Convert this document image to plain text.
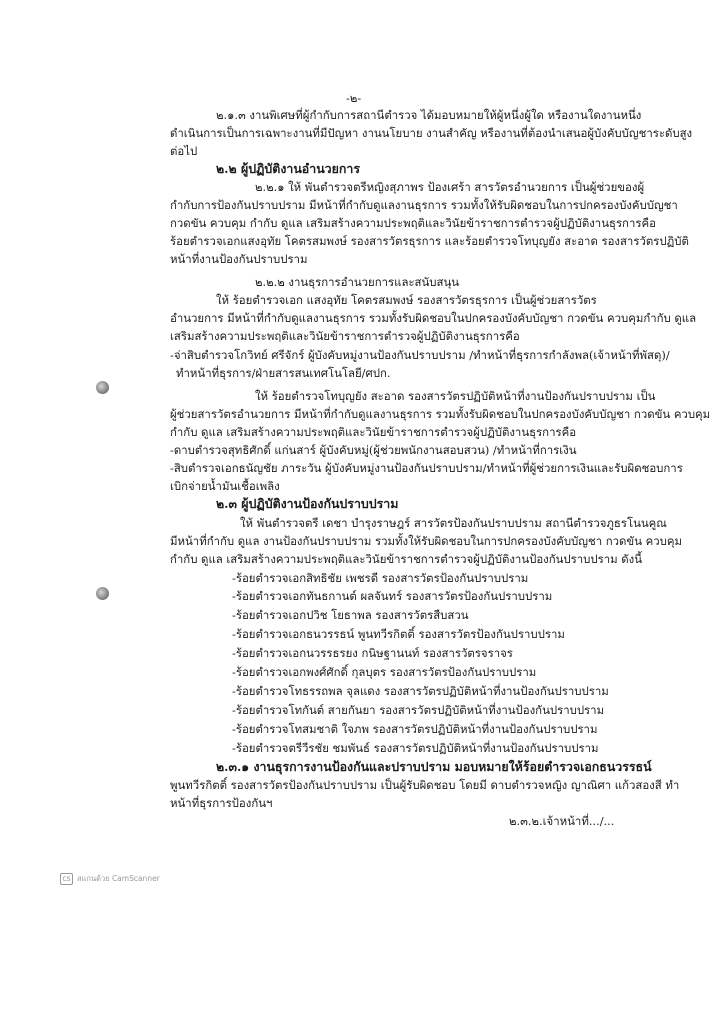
-๒-
๒.๑.๓ งานพิเศษที่ผู้กำกับการสถานีตำรวจ ได้มอบหมายให้ผู้หนึ่งผู้ใด หรืองานใดงานหนึ่ง
ดำเนินการเป็นการเฉพาะงานที่มีปัญหา งานนโยบาย งานสำคัญ หรืองานที่ต้องนำเสนอผู้บังคับบัญชาระดับสูง
ต่อไป
๒.๒ ผู้ปฏิบัติงานอำนวยการ
๒.๒.๑ ให้ พันตำรวจตรีหญิงสุภาพร ป้องเศร้า สารวัตรอำนวยการ เป็นผู้ช่วยของผู้
กำกับการป้องกันปราบปราม มีหน้าที่กำกับดูแลงานธุรการ รวมทั้งให้รับผิดชอบในการปกครองบังคับบัญชา
กวดขัน ควบคุม กำกับ ดูแล เสริมสร้างความประพฤติและวินัยข้าราชการตำรวจผู้ปฏิบัติงานธุรการคือ
ร้อยตำรวจเอกแสงอุทัย โคตรสมพงษ์ รองสารวัตรธุรการ และร้อยตำรวจโทบุญยัง สะอาด รองสารวัตรปฏิบัติ
หน้าที่งานป้องกันปราบปราม
๒.๒.๒ งานธุรการอำนวยการและสนับสนุน
ให้ ร้อยตำรวจเอก แสงอุทัย โคตรสมพงษ์ รองสารวัตรธุรการ เป็นผู้ช่วยสารวัตร
อำนวยการ มีหน้าที่กำกับดูแลงานธุรการ รวมทั้งรับผิดชอบในปกครองบังคับบัญชา กวดขัน ควบคุมกำกับ ดูแล
เสริมสร้างความประพฤติและวินัยข้าราชการตำรวจผู้ปฏิบัติงานธุรการคือ
-จ่าสิบตำรวจโกวิทย์ ศรีจักร์ ผู้บังคับหมู่งานป้องกันปราบปราม /ทำหน้าที่ธุรการกำลังพล(เจ้าหน้าที่พัสดุ)/
ทำหน้าที่ธุรการ/ฝ่ายสารสนเทศโนโลยี/ศปก.
ให้ ร้อยตำรวจโทบุญยัง สะอาด รองสารวัตรปฏิบัติหน้าที่งานป้องกันปราบปราม เป็น
ผู้ช่วยสารวัตรอำนวยการ มีหน้าที่กำกับดูแลงานธุรการ รวมทั้งรับผิดชอบในปกครองบังคับบัญชา กวดขัน ควบคุม
กำกับ ดูแล เสริมสร้างความประพฤติและวินัยข้าราชการตำรวจผู้ปฏิบัติงานธุรการคือ
-ดาบตำรวจสุทธิศักดิ์ แก่นสาร์ ผู้บังคับหมู่(ผู้ช่วยพนักงานสอบสวน) /ทำหน้าที่การเงิน
-สิบตำรวจเอกธนัญชัย ภาระวัน ผู้บังคับหมู่งานป้องกันปราบปราม/ทำหน้าที่ผู้ช่วยการเงินและรับผิดชอบการ
เบิกจ่ายน้ำมันเชื้อเพลิง
๒.๓ ผู้ปฏิบัติงานป้องกันปราบปราม
ให้ พันตำรวจตรี เดชา บำรุงราษฎร์ สารวัตรป้องกันปราบปราม สถานีตำรวจภูธรโนนคูณ
มีหน้าที่กำกับ ดูแล งานป้องกันปราบปราม รวมทั้งให้รับผิดชอบในการปกครองบังคับบัญชา กวดขัน ควบคุม
กำกับ ดูแล เสริมสร้างความประพฤติและวินัยข้าราชการตำรวจผู้ปฏิบัติงานป้องกันปราบปราม ดังนี้
-ร้อยตำรวจเอกสิทธิชัย เพชรดี รองสารวัตรป้องกันปราบปราม
-ร้อยตำรวจเอกทันธกานต์ ผลจันทร์ รองสารวัตรป้องกันปราบปราม
-ร้อยตำรวจเอกปวิช โยธาพล รองสารวัตรสืบสวน
-ร้อยตำรวจเอกธนวรรธน์ พูนทวีรกิตติ์ รองสารวัตรป้องกันปราบปราม
-ร้อยตำรวจเอกนวรรธรยง กนิษฐานนท์ รองสารวัตรจราจร
-ร้อยตำรวจเอกพงศ์ศักดิ์ กุลบุตร รองสารวัตรป้องกันปราบปราม
-ร้อยตำรวจโทธรรถพล จุลแดง รองสารวัตรปฏิบัติหน้าที่งานป้องกันปราบปราม
-ร้อยตำรวจโทกันต์ สายกันยา รองสารวัตรปฏิบัติหน้าที่งานป้องกันปราบปราม
-ร้อยตำรวจโทสมชาติ ใจภพ รองสารวัตรปฏิบัติหน้าที่งานป้องกันปราบปราม
-ร้อยตำรวจตรีวีรชัย ชมพันธ์ รองสารวัตรปฏิบัติหน้าที่งานป้องกันปราบปราม
๒.๓.๑ งานธุรการงานป้องกันและปราบปราม มอบหมายให้ร้อยตำรวจเอกธนวรรธน์
พูนทวีรกิตติ์ รองสารวัตรป้องกันปราบปราม เป็นผู้รับผิดชอบ โดยมี ดาบตำรวจหญิง ญาณิศา แก้วสองสี ทำ
หน้าที่ธุรการป้องกันฯ
๒.๓.๒.เจ้าหน้าที่.../...
CS สแกนด้วย CamScanner
